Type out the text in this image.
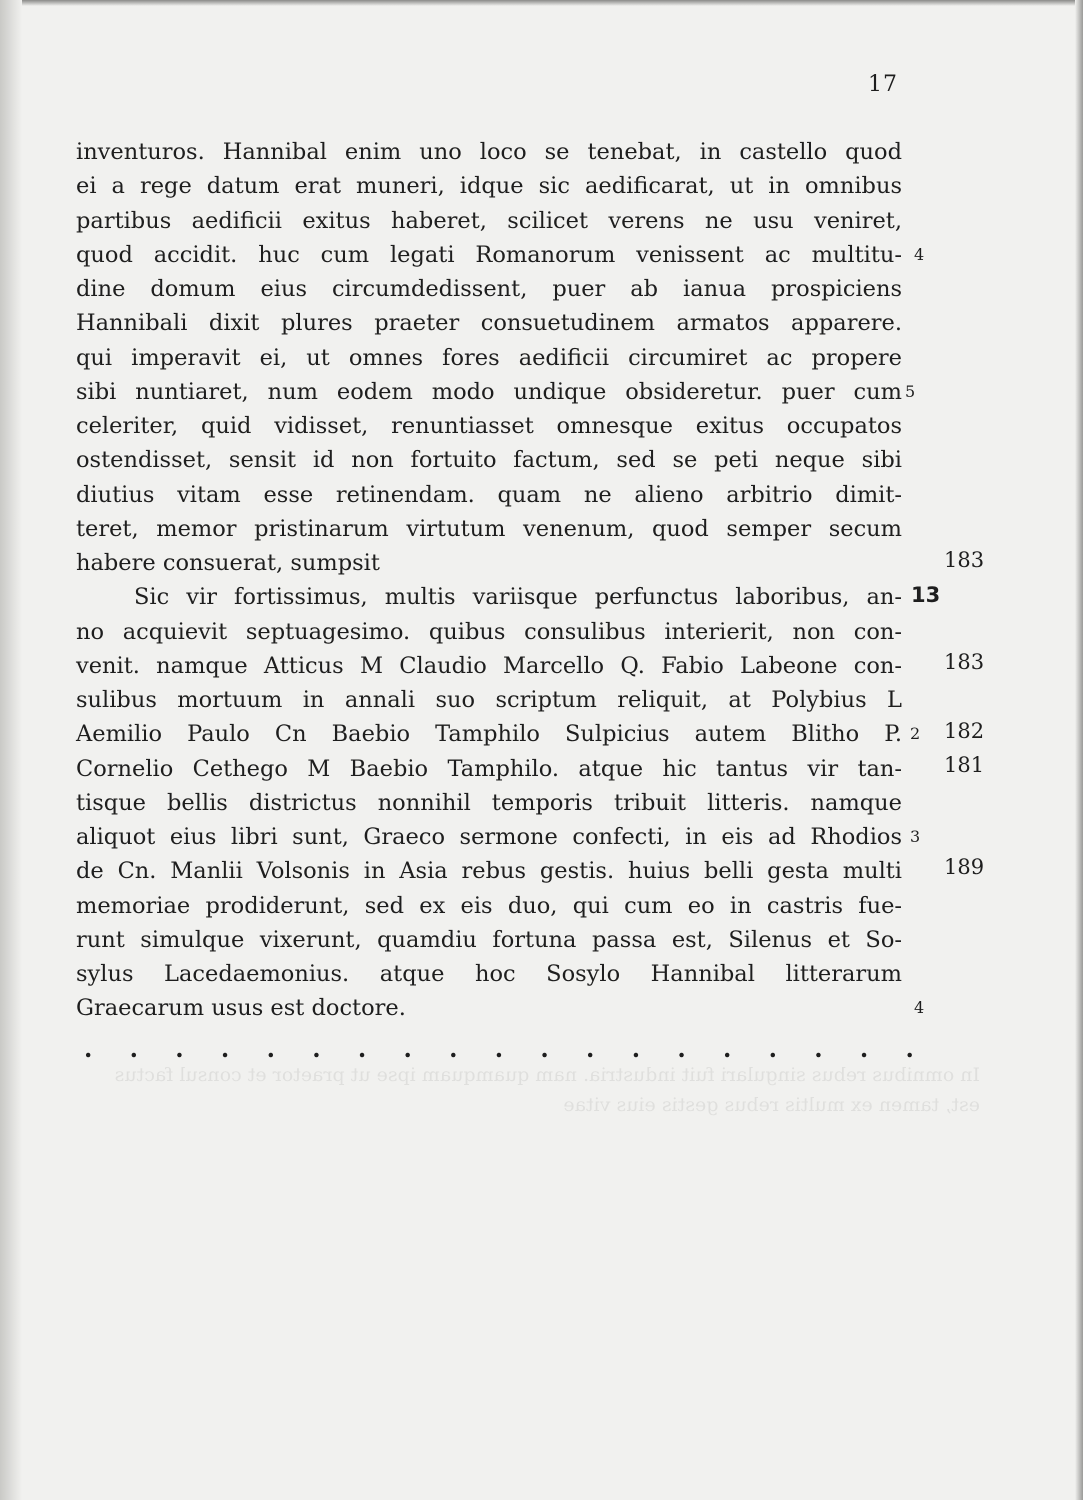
In omnibus rebus singulari fuit industria. nam quamquam ipse ut praetor et consul factus est, tamen ex multis rebus gestis eius vitae
17
inventuros. Hannibal enim uno loco se tenebat, in castello quod
ei a rege datum erat muneri, idque sic aedificarat, ut in omnibus
partibus aedificii exitus haberet, scilicet verens ne usu veniret,
quod accidit. huc cum legati Romanorum venissent ac multitu-
dine domum eius circumdedissent, puer ab ianua prospiciens
Hannibali dixit plures praeter consuetudinem armatos apparere.
qui imperavit ei, ut omnes fores aedificii circumiret ac propere
sibi nuntiaret, num eodem modo undique obsideretur. puer cum
celeriter, quid vidisset, renuntiasset omnesque exitus occupatos
ostendisset, sensit id non fortuito factum, sed se peti neque sibi
diutius vitam esse retinendam. quam ne alieno arbitrio dimit-
teret, memor pristinarum virtutum venenum, quod semper secum
habere consuerat, sumpsit
Sic vir fortissimus, multis variisque perfunctus laboribus, an-
no acquievit septuagesimo. quibus consulibus interierit, non con-
venit. namque Atticus M Claudio Marcello Q. Fabio Labeone con-
sulibus mortuum in annali suo scriptum reliquit, at Polybius L
Aemilio Paulo Cn Baebio Tamphilo Sulpicius autem Blitho P.
Cornelio Cethego M Baebio Tamphilo. atque hic tantus vir tan-
tisque bellis districtus nonnihil temporis tribuit litteris. namque
aliquot eius libri sunt, Graeco sermone confecti, in eis ad Rhodios
de Cn. Manlii Volsonis in Asia rebus gestis. huius belli gesta multi
memoriae prodiderunt, sed ex eis duo, qui cum eo in castris fue-
runt simulque vixerunt, quamdiu fortuna passa est, Silenus et So-
sylus Lacedaemonius. atque hoc Sosylo Hannibal litterarum
Graecarum usus est doctore.
4
5
2
3
4
13
183
183
182
181
189
. . . . . . . . . . . . . . . . . . .
